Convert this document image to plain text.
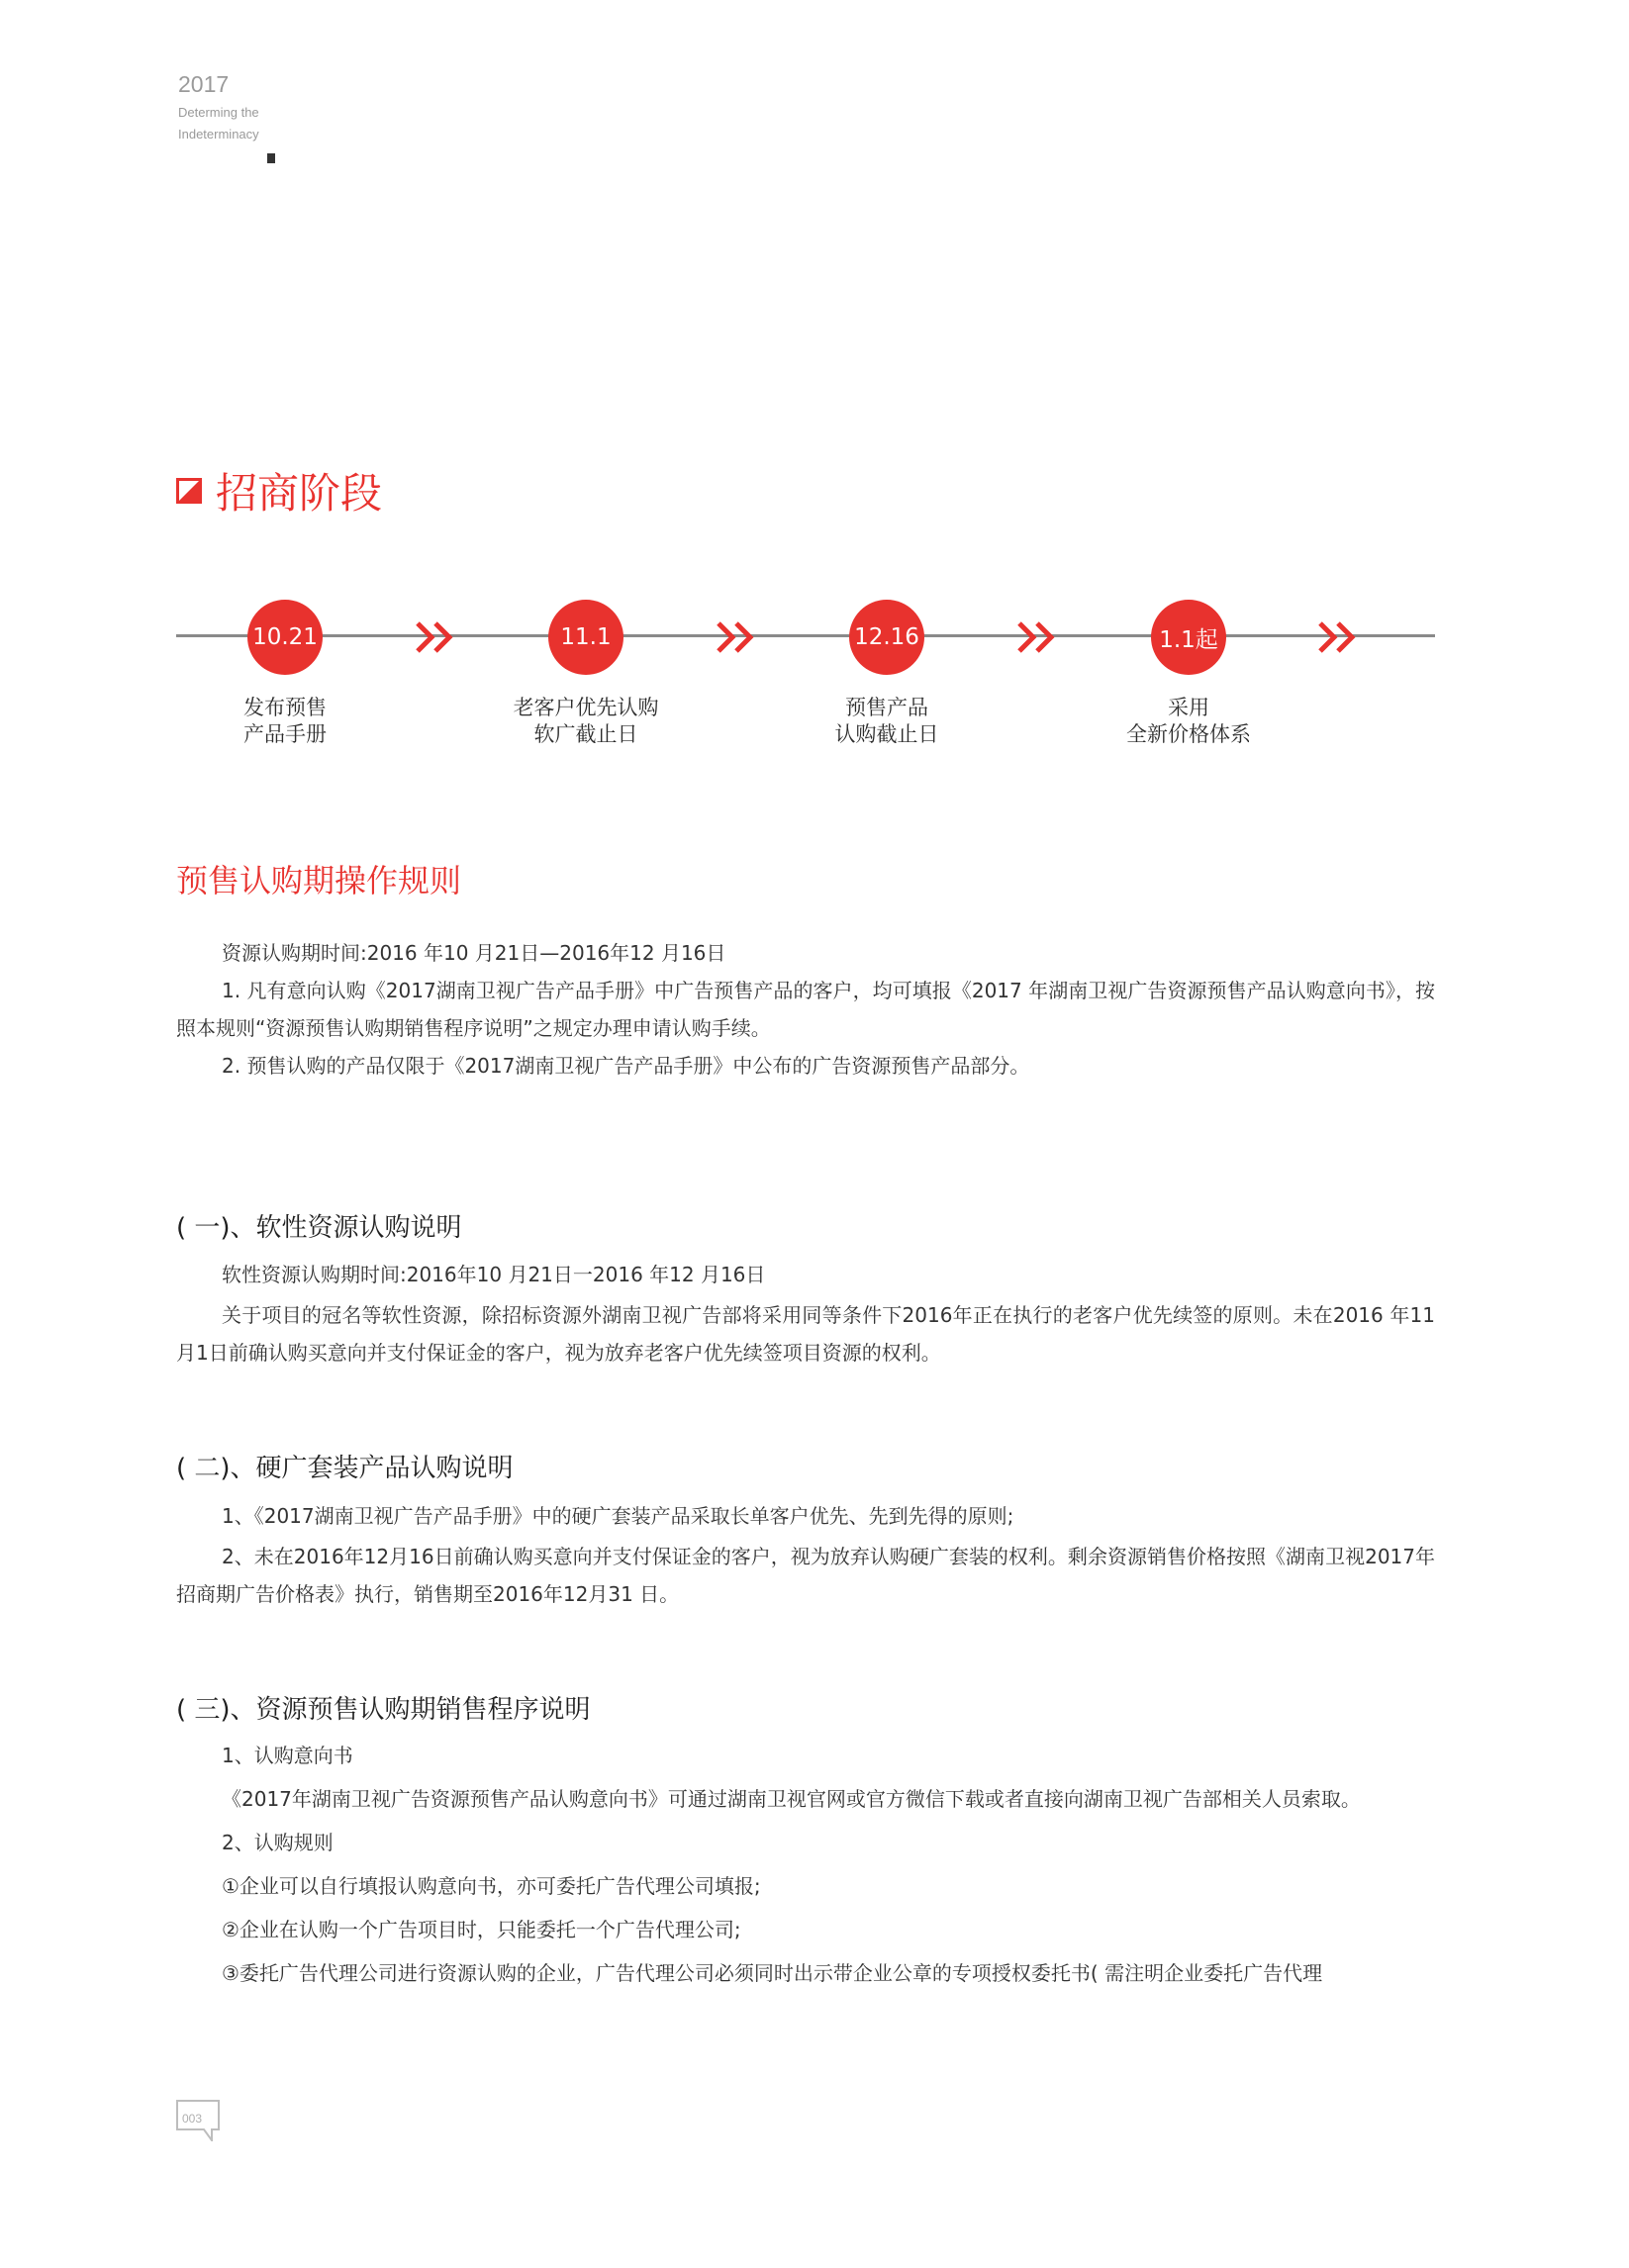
2017
Determing the
Indeterminacy
招商阶段
10.21
发布预售
产品手册
11.1
老客户优先认购
软广截止日
12.16
预售产品
认购截止日
1.1起
采用
全新价格体系
预售认购期操作规则

资源认购期时间:2016 年10 月21日—2016年12 月16日

1. 凡有意向认购《2017湖南卫视广告产品手册》中广告预售产品的客户，均可填报《2017 年湖南卫视广告资源预售产品认购意向书》，按照本规则“资源预售认购期销售程序说明”之规定办理申请认购手续。

2. 预售认购的产品仅限于《2017湖南卫视广告产品手册》中公布的广告资源预售产品部分。

( 一)、软性资源认购说明

软性资源认购期时间:2016年10 月21日一2016 年12 月16日

关于项目的冠名等软性资源，除招标资源外湖南卫视广告部将采用同等条件下2016年正在执行的老客户优先续签的原则。未在2016 年11月1日前确认购买意向并支付保证金的客户，视为放弃老客户优先续签项目资源的权利。

( 二)、硬广套装产品认购说明

1、《2017湖南卫视广告产品手册》中的硬广套装产品采取长单客户优先、先到先得的原则;

2、未在2016年12月16日前确认购买意向并支付保证金的客户，视为放弃认购硬广套装的权利。剩余资源销售价格按照《湖南卫视2017年招商期广告价格表》执行，销售期至2016年12月31 日。

( 三)、资源预售认购期销售程序说明

1、认购意向书

《2017年湖南卫视广告资源预售产品认购意向书》可通过湖南卫视官网或官方微信下载或者直接向湖南卫视广告部相关人员索取。

2、认购规则

①企业可以自行填报认购意向书，亦可委托广告代理公司填报;

②企业在认购一个广告项目时，只能委托一个广告代理公司;

③委托广告代理公司进行资源认购的企业，广告代理公司必须同时出示带企业公章的专项授权委托书( 需注明企业委托广告代理

003
